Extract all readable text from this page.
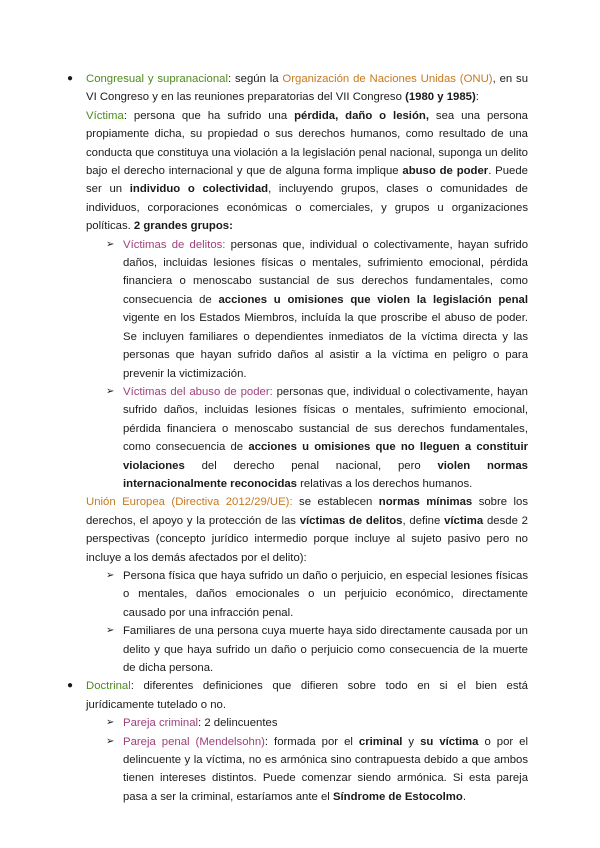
● Congresual y supranacional: según la Organización de Naciones Unidas (ONU), en su VI Congreso y en las reuniones preparatorias del VII Congreso (1980 y 1985):

Víctima: persona que ha sufrido una pérdida, daño o lesión, sea una persona propiamente dicha, su propiedad o sus derechos humanos, como resultado de una conducta que constituya una violación a la legislación penal nacional, suponga un delito bajo el derecho internacional y que de alguna forma implique abuso de poder. Puede ser un individuo o colectividad, incluyendo grupos, clases o comunidades de individuos, corporaciones económicas o comerciales, y grupos u organizaciones políticas. 2 grandes grupos:

➢ Víctimas de delitos: personas que, individual o colectivamente, hayan sufrido daños, incluidas lesiones físicas o mentales, sufrimiento emocional, pérdida financiera o menoscabo sustancial de sus derechos fundamentales, como consecuencia de acciones u omisiones que violen la legislación penal vigente en los Estados Miembros, incluída la que proscribe el abuso de poder. Se incluyen familiares o dependientes inmediatos de la víctima directa y las personas que hayan sufrido daños al asistir a la víctima en peligro o para prevenir la victimización.

➢ Víctimas del abuso de poder: personas que, individual o colectivamente, hayan sufrido daños, incluidas lesiones físicas o mentales, sufrimiento emocional, pérdida financiera o menoscabo sustancial de sus derechos fundamentales, como consecuencia de acciones u omisiones que no lleguen a constituir violaciones del derecho penal nacional, pero violen normas internacionalmente reconocidas relativas a los derechos humanos.

Unión Europea (Directiva 2012/29/UE): se establecen normas mínimas sobre los derechos, el apoyo y la protección de las víctimas de delitos, define víctima desde 2 perspectivas (concepto jurídico intermedio porque incluye al sujeto pasivo pero no incluye a los demás afectados por el delito):

➢ Persona física que haya sufrido un daño o perjuicio, en especial lesiones físicas o mentales, daños emocionales o un perjuicio económico, directamente causado por una infracción penal.

➢ Familiares de una persona cuya muerte haya sido directamente causada por un delito y que haya sufrido un daño o perjuicio como consecuencia de la muerte de dicha persona.

● Doctrinal: diferentes definiciones que difieren sobre todo en si el bien está jurídicamente tutelado o no.

➢ Pareja criminal: 2 delincuentes

➢ Pareja penal (Mendelsohn): formada por el criminal y su víctima o por el delincuente y la víctima, no es armónica sino contrapuesta debido a que ambos tienen intereses distintos. Puede comenzar siendo armónica. Si esta pareja pasa a ser la criminal, estaríamos ante el Síndrome de Estocolmo.
